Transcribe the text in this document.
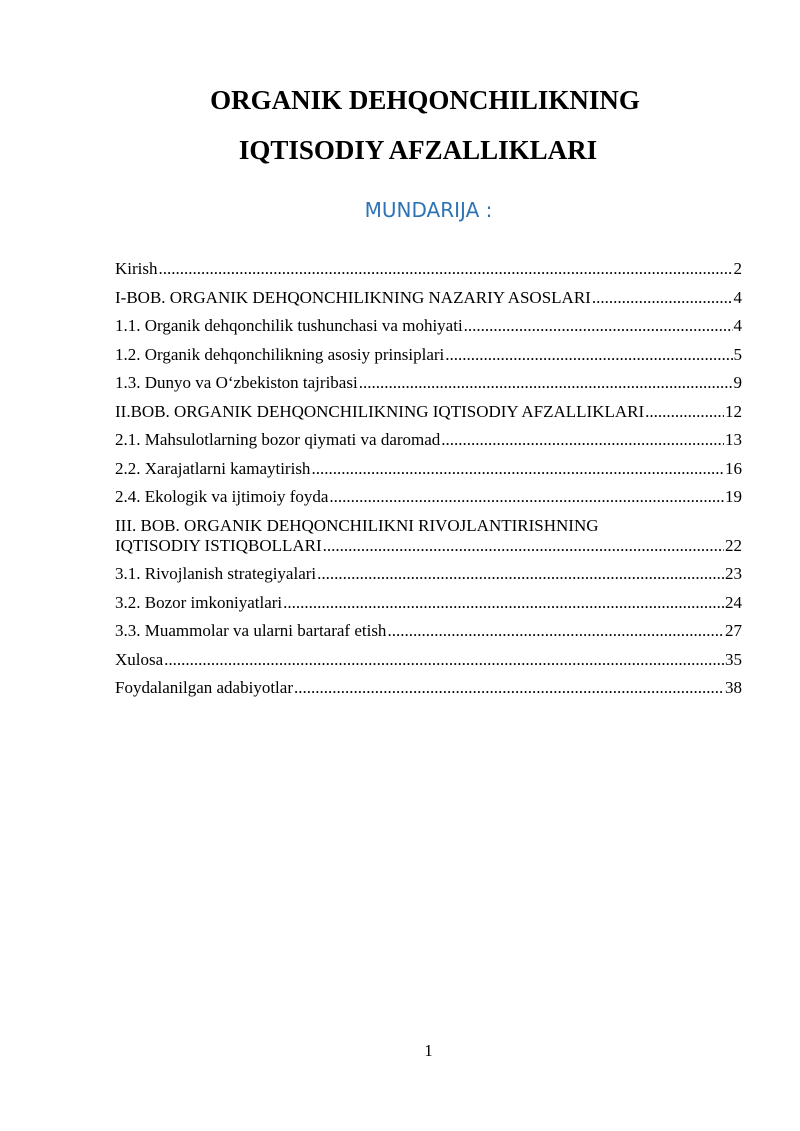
ORGANIK DEHQONCHILIKNING
IQTISODIY AFZALLIKLARI
MUNDARIJA :
Kirish .....	2
I-BOB. ORGANIK DEHQONCHILIKNING NAZARIY ASOSLARI .....	4
1.1. Organik dehqonchilik tushunchasi va mohiyati .....	4
1.2. Organik dehqonchilikning asosiy prinsiplari .....	5
1.3. Dunyo va O‘zbekiston tajribasi .....	9
II.BOB. ORGANIK DEHQONCHILIKNING IQTISODIY AFZALLIKLARI .....	12
2.1. Mahsulotlarning bozor qiymati va daromad .....	13
2.2. Xarajatlarni kamaytirish .....	16
2.4. Ekologik va ijtimoiy foyda .....	19
III. BOB. ORGANIK DEHQONCHILIKNI RIVOJLANTIRISHNING
IQTISODIY ISTIQBOLLARI .....	22
3.1. Rivojlanish strategiyalari .....	23
3.2. Bozor imkoniyatlari .....	24
3.3. Muammolar va ularni bartaraf etish .....	27
Xulosa .....	35
Foydalanilgan adabiyotlar .....	38
1
